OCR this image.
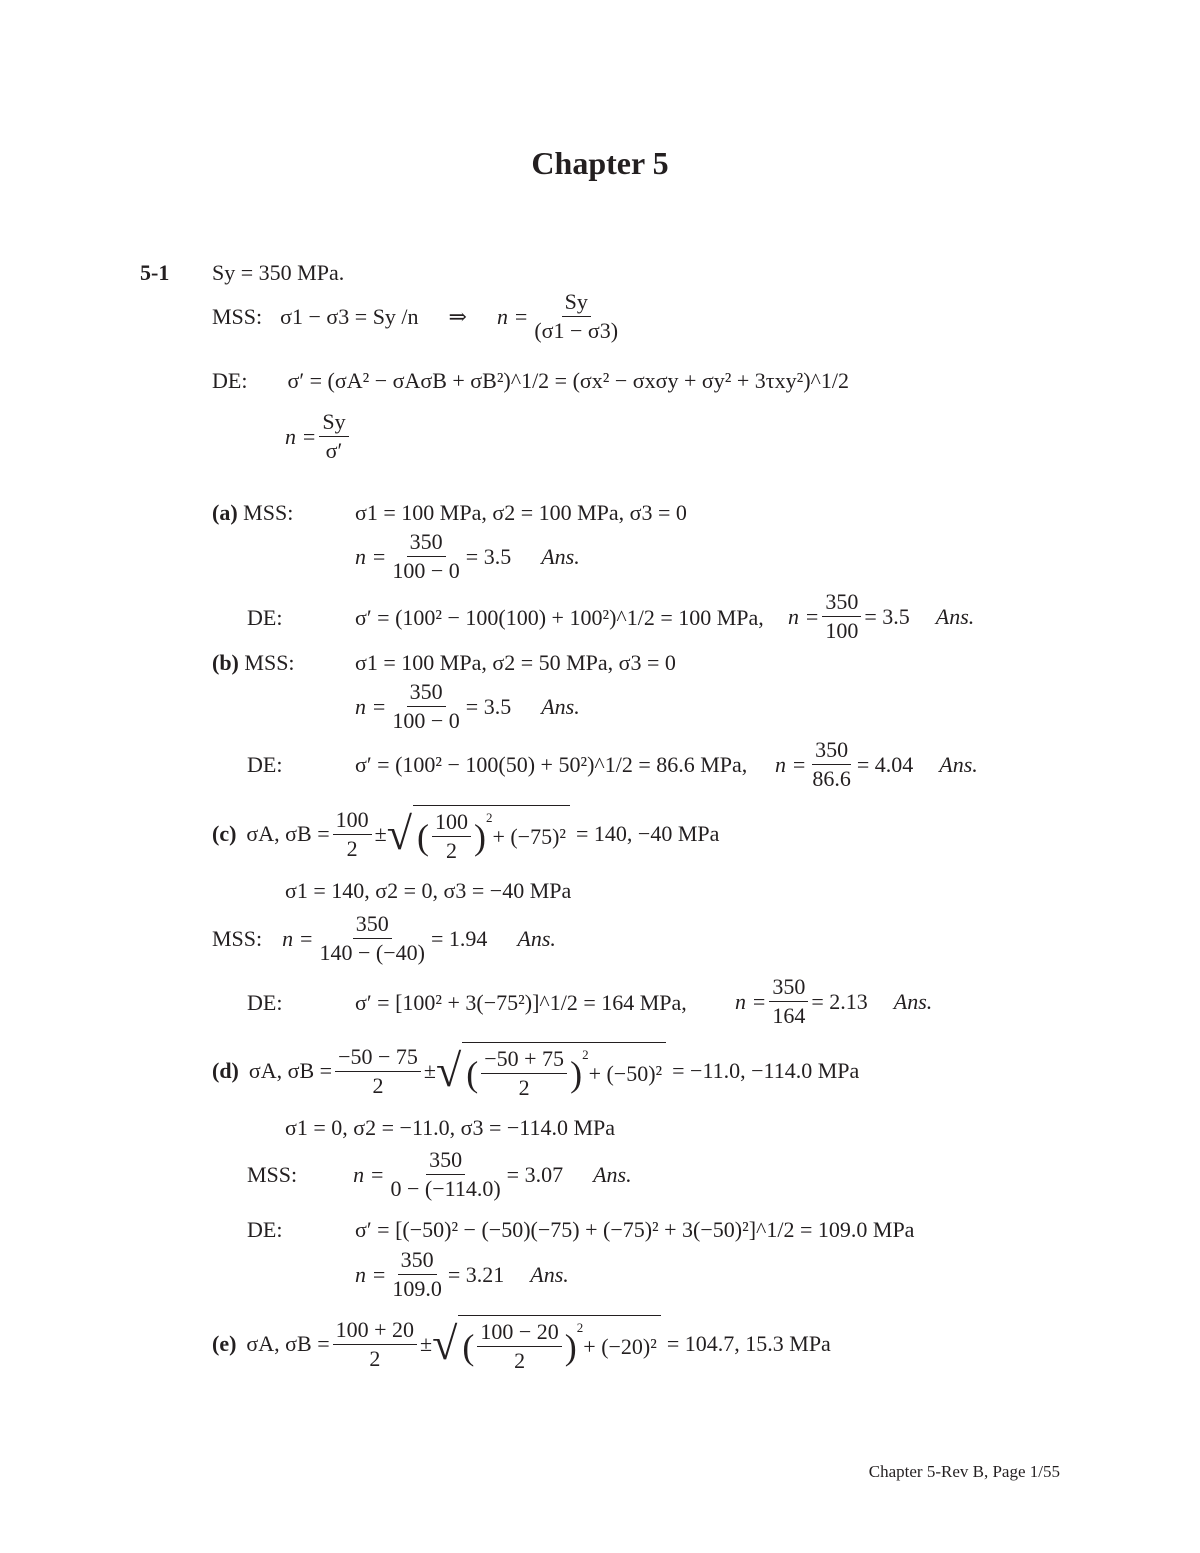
Chapter 5
5-1 Sy = 350 MPa.
MSS: σ1 − σ3 = Sy /n ⇒ $n = \frac{Sy}{(\sigma 1 - \sigma 3)}$
DE: σ′ = (σA² − σAσB + σB²)^1/2 = (σx² − σxσy + σy² + 3τxy²)^1/2
$n = \frac{Sy}{\sigma'}$
(a) MSS:	σ1 = 100 MPa, σ2 = 100 MPa, σ3 = 0
$n = \frac{350}{100 - 0} = 3.5$ Ans.
DE:	σ′ = (100² − 100(100) + 100²)^1/2 = 100 MPa, $n = \frac{350}{100} = 3.5$ Ans.
(b) MSS:	σ1 = 100 MPa, σ2 = 50 MPa, σ3 = 0
$n = \frac{350}{100 - 0} = 3.5$ Ans.
DE:	σ′ = (100² − 100(50) + 50²)^1/2 = 86.6 MPa, $n = \frac{350}{86.6} = 4.04$ Ans.
(c) σA, $\sigma B = \frac{100}{2}$ ± √ ( $\frac{100}{2} )^2$
+ (−75)² = 140, −40 MPa
σ1 = 140, σ2 = 0, σ3 = −40 MPa
MSS: $n = \frac{350}{140 - (-40)} = 1.94$ Ans.
DE:	σ′ = [100² + 3(−75²)]^1/2 = 164 MPa, $n = \frac{350}{164} = 2.13$ Ans.
(d) σA, $\sigma B = \frac{-50 - 75}{2}$ ± √ ( $\frac{-50 + 75}{2} )^2$
+ (−50)² = −11.0, −114.0 MPa
σ1 = 0, σ2 = −11.0, σ3 = −114.0 MPa
MSS:	$n = \frac{350}{0 - (-114.0)} = 3.07$ Ans.
DE:	σ′ = [(−50)² − (−50)(−75) + (−75)² + 3(−50)²]^1/2 = 109.0 MPa
$n = \frac{350}{109.0} = 3.21$ Ans.
(e) σA, $\sigma B = \frac{100 + 20}{2}$ ± √ ( $\frac{100 - 20}{2} )^2$
+ (−20)² = 104.7, 15.3 MPa
Chapter 5-Rev B, Page 1/55
